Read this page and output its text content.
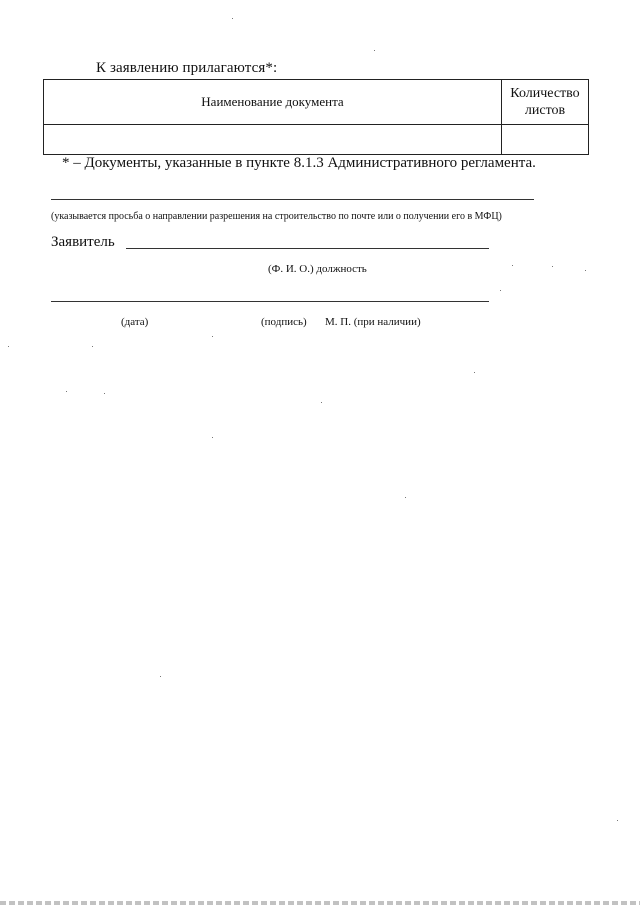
К заявлению прилагаются*:
Наименование документа	Количество
листов

* – Документы, указанные в пункте 8.1.3 Административного регламента.
(указывается просьба о направлении разрешения на строительство по почте или о получении его в МФЦ)
Заявитель
(Ф. И. О.) должность
(дата)	(подпись) М. П. (при наличии)
